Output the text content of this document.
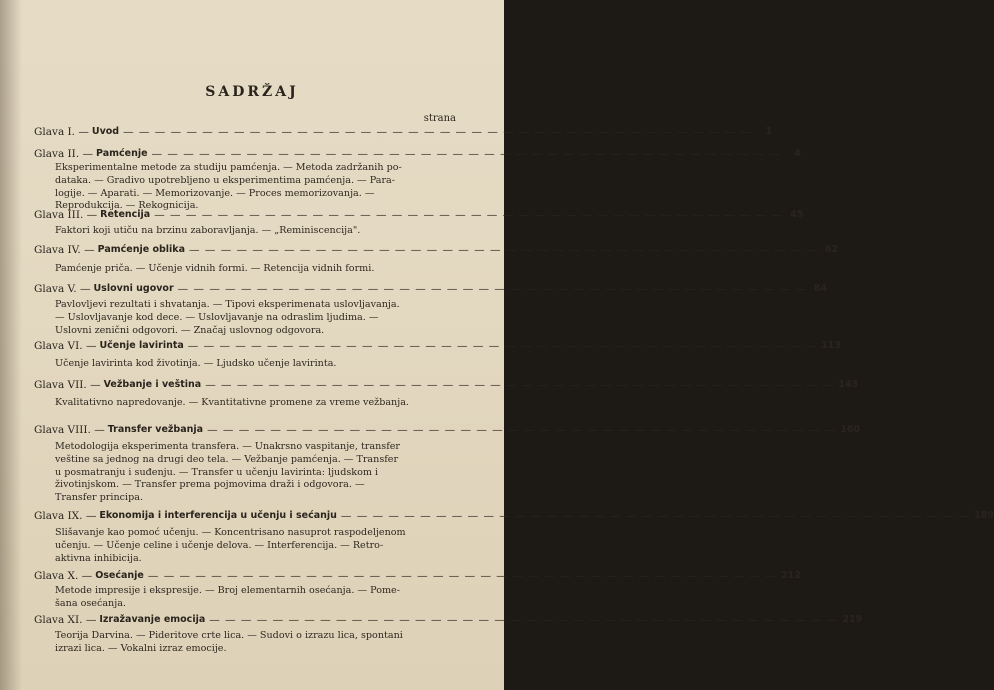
SADRŽAJ
strana
Glava I. — Uvod — — — — — — — — — — — — — — — — — — — — — — — — — — — — — — — — — — — — — — — —	1
Glava II. — Pamćenje — — — — — — — — — — — — — — — — — — — — — — — — — — — — — — — — — — — — — — — —	4
Eksperimentalne metode za studiju pamćenja. — Metoda zadržanih po-
dataka. — Gradivo upotrebljeno u eksperimentima pamćenja. — Para-
logije. — Aparati. — Memorizovanje. — Proces memorizovanja. —
Reprodukcija. — Rekognicija.
Glava III. — Retencija — — — — — — — — — — — — — — — — — — — — — — — — — — — — — — — — — — — — — — — — 45
Faktori koji utiču na brzinu zaboravljanja. — „Reminiscencija".
Glava IV. — Pamćenje oblika — — — — — — — — — — — — — — — — — — — — — — — — — — — — — — — — — — — — — — — — 62
Pamćenje priča. — Učenje vidnih formi. — Retencija vidnih formi.
Glava V. — Uslovni ugovor — — — — — — — — — — — — — — — — — — — — — — — — — — — — — — — — — — — — — — — — 84
Pavlovljevi rezultati i shvatanja. — Tipovi eksperimenata uslovljavanja.
— Uslovljavanje kod dece. — Uslovljavanje na odraslim ljudima. —
Uslovni zenični odgovori. — Značaj uslovnog odgovora.
Glava VI. — Učenje lavirinta — — — — — — — — — — — — — — — — — — — — — — — — — — — — — — — — — — — — — — — — 113
Učenje lavirinta kod životinja. — Ljudsko učenje lavirinta.
Glava VII. — Vežbanje i veština — — — — — — — — — — — — — — — — — — — — — — — — — — — — — — — — — — — — — — — — 143
Kvalitativno napredovanje. — Kvantitativne promene za vreme vežbanja.
Glava VIII. — Transfer vežbanja — — — — — — — — — — — — — — — — — — — — — — — — — — — — — — — — — — — — — — — — 160
Metodologija eksperimenta transfera. — Unakrsno vaspitanje, transfer
veštine sa jednog na drugi deo tela. — Vežbanje pamćenja. — Transfer
u posmatranju i suđenju. — Transfer u učenju lavirinta: ljudskom i
životinjskom. — Transfer prema pojmovima draži i odgovora. —
Transfer principa.
Glava IX. — Ekonomija i interferencija u učenju i sećanju — — — — — — — — — — — — — — — — — — — — — — — — — — — — — — — — — — — — — — — — 189
Slišavanje kao pomoć učenju. — Koncentrisano nasuprot raspodeljenom
učenju. — Učenje celine i učenje delova. — Interferencija. — Retro-
aktivna inhibicija.
Glava X. — Osećanje — — — — — — — — — — — — — — — — — — — — — — — — — — — — — — — — — — — — — — — — 212
Metode impresije i ekspresije. — Broj elementarnih osećanja. — Pome-
šana osećanja.
Glava XI. — Izražavanje emocija — — — — — — — — — — — — — — — — — — — — — — — — — — — — — — — — — — — — — — — — 219
Teorija Darvina. — Pideritove crte lica. — Sudovi o izrazu lica, spontani
izrazi lica. — Vokalni izraz emocije.
